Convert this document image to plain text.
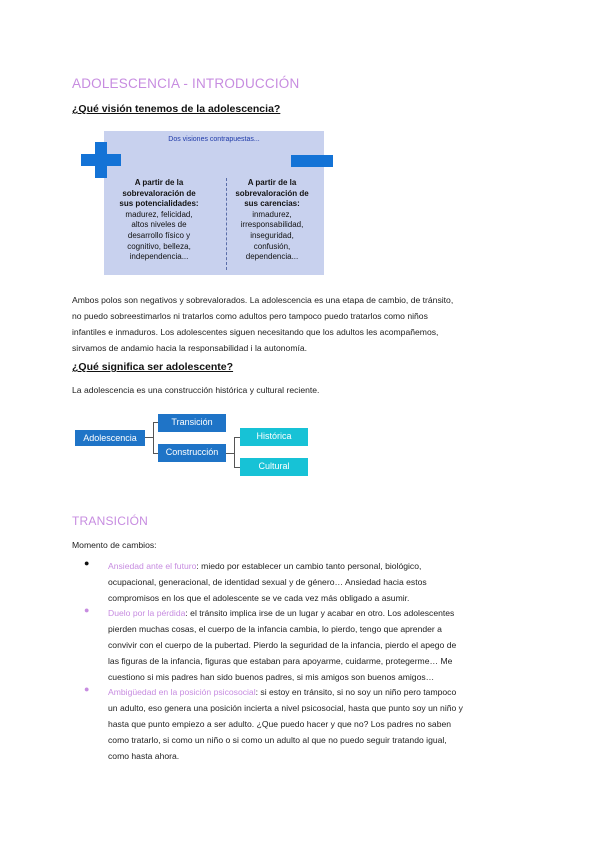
ADOLESCENCIA - INTRODUCCIÓN
¿Qué visión tenemos de la adolescencia?
Dos visiones contrapuestas...
A partir de la
sobrevaloración de
sus potencialidades:
madurez, felicidad,
altos niveles de
desarrollo físico y
cognitivo, belleza,
independencia...
A partir de la
sobrevaloración de
sus carencias:
inmadurez,
irresponsabilidad,
inseguridad,
confusión,
dependencia...
Ambos polos son negativos y sobrevalorados. La adolescencia es una etapa de cambio, de tránsito,
no puedo sobreestimarlos ni tratarlos como adultos pero tampoco puedo tratarlos como niños
infantiles e inmaduros. Los adolescentes siguen necesitando que los adultos les acompañemos,
sirvamos de andamio hacia la responsabilidad i la autonomía.
¿Qué significa ser adolescente?
La adolescencia es una construcción histórica y cultural reciente.
Adolescencia
Transición
Construcción
Histórica
Cultural
TRANSICIÓN
Momento de cambios:
● Ansiedad ante el futuro: miedo por establecer un cambio tanto personal, biológico,
ocupacional, generacional, de identidad sexual y de género… Ansiedad hacia estos
compromisos en los que el adolescente se ve cada vez más obligado a asumir.
● Duelo por la pérdida: el tránsito implica irse de un lugar y acabar en otro. Los adolescentes
pierden muchas cosas, el cuerpo de la infancia cambia, lo pierdo, tengo que aprender a
convivir con el cuerpo de la pubertad. Pierdo la seguridad de la infancia, pierdo el apego de
las figuras de la infancia, figuras que estaban para apoyarme, cuidarme, protegerme… Me
cuestiono si mis padres han sido buenos padres, si mis amigos son buenos amigos…
● Ambigüedad en la posición psicosocial: si estoy en tránsito, si no soy un niño pero tampoco
un adulto, eso genera una posición incierta a nivel psicosocial, hasta que punto soy un niño y
hasta que punto empiezo a ser adulto. ¿Que puedo hacer y que no? Los padres no saben
como tratarlo, si como un niño o si como un adulto al que no puedo seguir tratando igual,
como hasta ahora.
